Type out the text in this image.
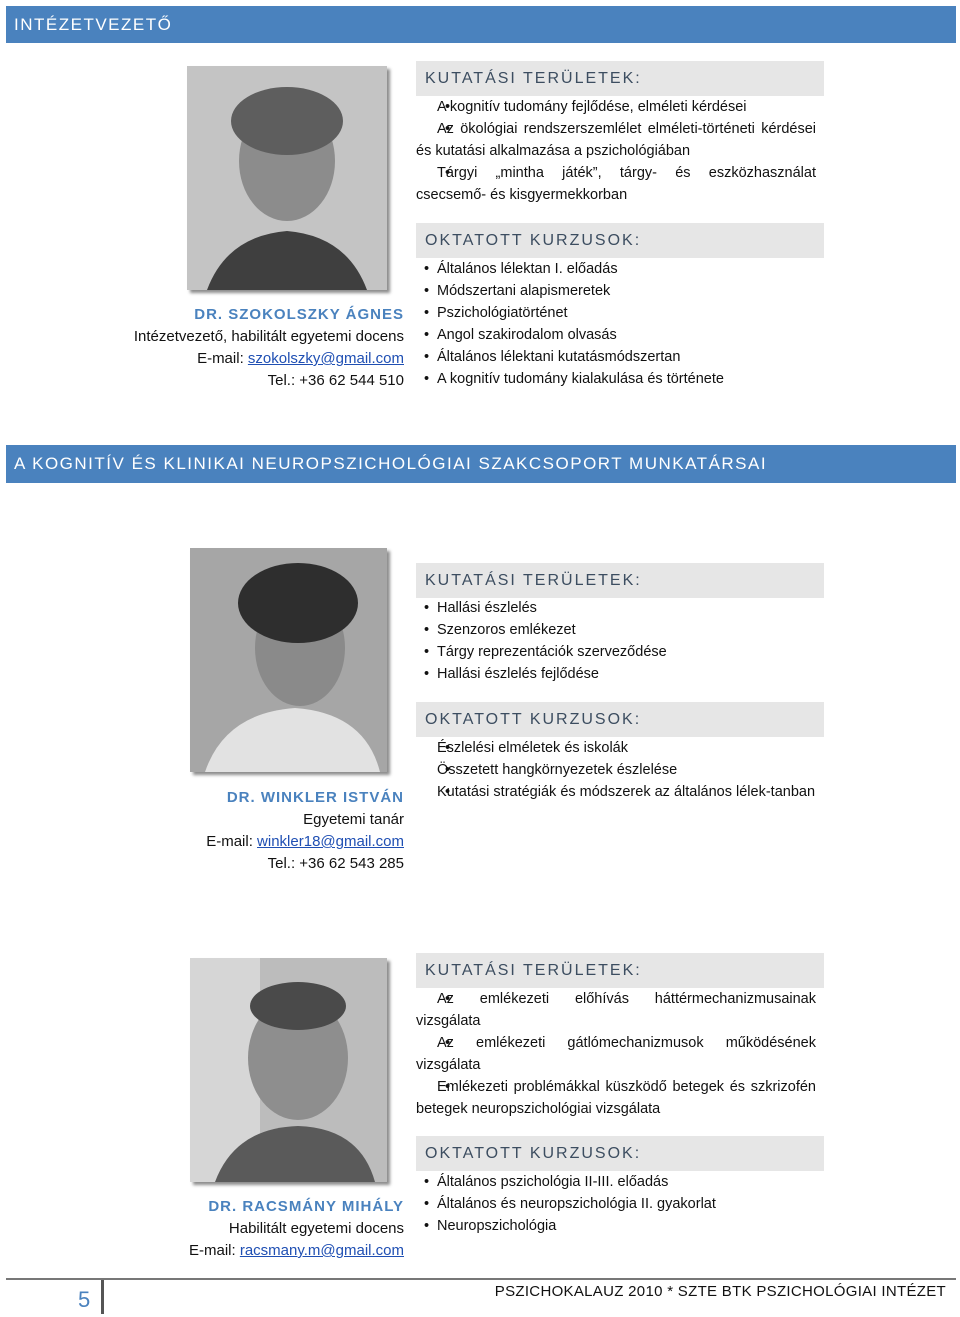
INTÉZETVEZETŐ
DR. SZOKOLSZKY ÁGNES
Intézetvezető, habilitált egyetemi docens
E-mail: szokolszky@gmail.com
Tel.: +36 62 544 510
KUTATÁSI TERÜLETEK:
• A kognitív tudomány fejlődése, elméleti kérdései
• Az ökológiai rendszerszemlélet elméleti-történeti kérdései és kutatási alkalmazása a pszichológiában
• Tárgyi „mintha játék”, tárgy- és eszközhasználat csecsemő- és kisgyermekkorban
OKTATOTT KURZUSOK:
• Általános lélektan I. előadás
• Módszertani alapismeretek
• Pszichológiatörténet
• Angol szakirodalom olvasás
• Általános lélektani kutatásmódszertan
• A kognitív tudomány kialakulása és története
A KOGNITÍV ÉS KLINIKAI NEUROPSZICHOLÓGIAI SZAKCSOPORT MUNKATÁRSAI
DR. WINKLER ISTVÁN
Egyetemi tanár
E-mail: winkler18@gmail.com
Tel.: +36 62 543 285
KUTATÁSI TERÜLETEK:
• Hallási észlelés
• Szenzoros emlékezet
• Tárgy reprezentációk szerveződése
• Hallási észlelés fejlődése
OKTATOTT KURZUSOK:
• Észlelési elméletek és iskolák
• Összetett hangkörnyezetek észlelése
• Kutatási stratégiák és módszerek az általános lélek-tanban
DR. RACSMÁNY MIHÁLY
Habilitált egyetemi docens
E-mail: racsmany.m@gmail.com
KUTATÁSI TERÜLETEK:
• Az emlékezeti előhívás háttérmechanizmusainak vizsgálata
• Az emlékezeti gátlómechanizmusok működésének vizsgálata
• Emlékezeti problémákkal küszködő betegek és szkrizofén betegek neuropszichológiai vizsgálata
OKTATOTT KURZUSOK:
• Általános pszichológia II-III. előadás
• Általános és neuropszichológia II. gyakorlat
• Neuropszichológia
5	PSZICHOKALAUZ 2010 * SZTE BTK PSZICHOLÓGIAI INTÉZET
